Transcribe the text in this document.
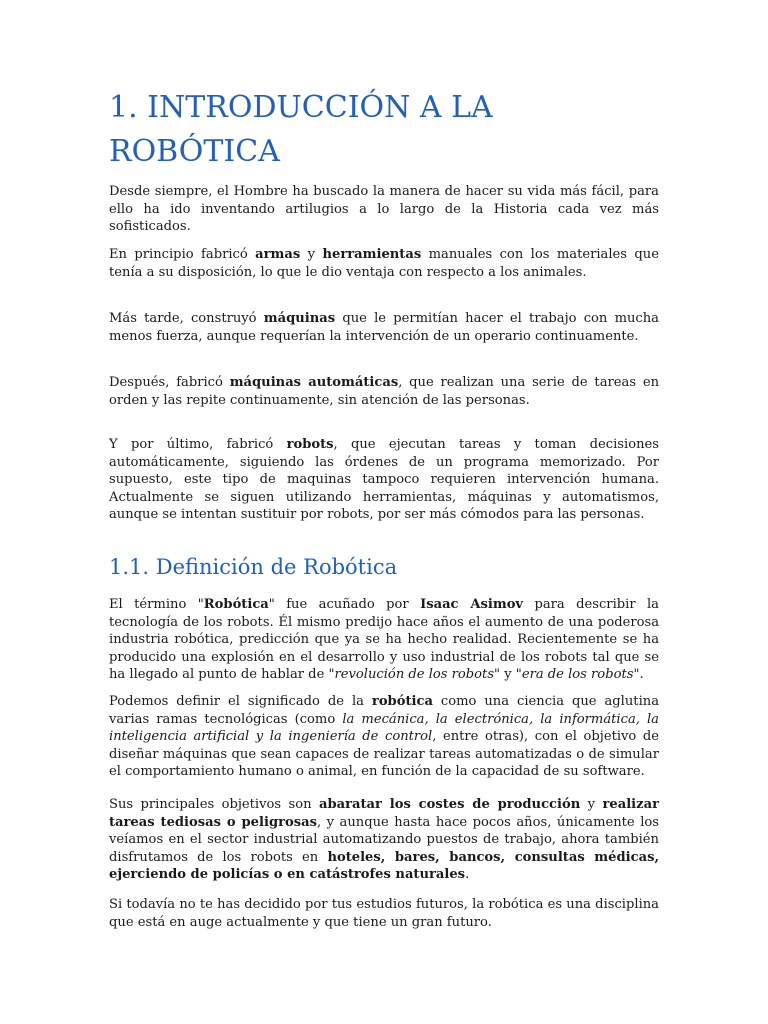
1. INTRODUCCIÓN A LA
ROBÓTICA

Desde siempre, el Hombre ha buscado la manera de hacer su vida más fácil, para ello ha ido inventando artilugios a lo largo de la Historia cada vez más sofisticados.

En principio fabricó armas y herramientas manuales con los materiales que tenía a su disposición, lo que le dio ventaja con respecto a los animales.

Más tarde, construyó máquinas que le permitían hacer el trabajo con mucha menos fuerza, aunque requerían la intervención de un operario continuamente.

Después, fabricó máquinas automáticas, que realizan una serie de tareas en orden y las repite continuamente, sin atención de las personas.

Y por último, fabricó robots, que ejecutan tareas y toman decisiones automáticamente, siguiendo las órdenes de un programa memorizado. Por supuesto, este tipo de maquinas tampoco requieren intervención humana. Actualmente se siguen utilizando herramientas, máquinas y automatismos, aunque se intentan sustituir por robots, por ser más cómodos para las personas.

1.1. Definición de Robótica

El término "Robótica" fue acuñado por Isaac Asimov para describir la tecnología de los robots. Él mismo predijo hace años el aumento de una poderosa industria robótica, predicción que ya se ha hecho realidad. Recientemente se ha producido una explosión en el desarrollo y uso industrial de los robots tal que se ha llegado al punto de hablar de "revolución de los robots" y "era de los robots".

Podemos definir el significado de la robótica como una ciencia que aglutina varias ramas tecnológicas (como la mecánica, la electrónica, la informática, la inteligencia artificial y la ingeniería de control, entre otras), con el objetivo de diseñar máquinas que sean capaces de realizar tareas automatizadas o de simular el comportamiento humano o animal, en función de la capacidad de su software.

Sus principales objetivos son abaratar los costes de producción y realizar tareas tediosas o peligrosas, y aunque hasta hace pocos años, únicamente los veíamos en el sector industrial automatizando puestos de trabajo, ahora también disfrutamos de los robots en hoteles, bares, bancos, consultas médicas, ejerciendo de policías o en catástrofes naturales.

Si todavía no te has decidido por tus estudios futuros, la robótica es una disciplina que está en auge actualmente y que tiene un gran futuro.
